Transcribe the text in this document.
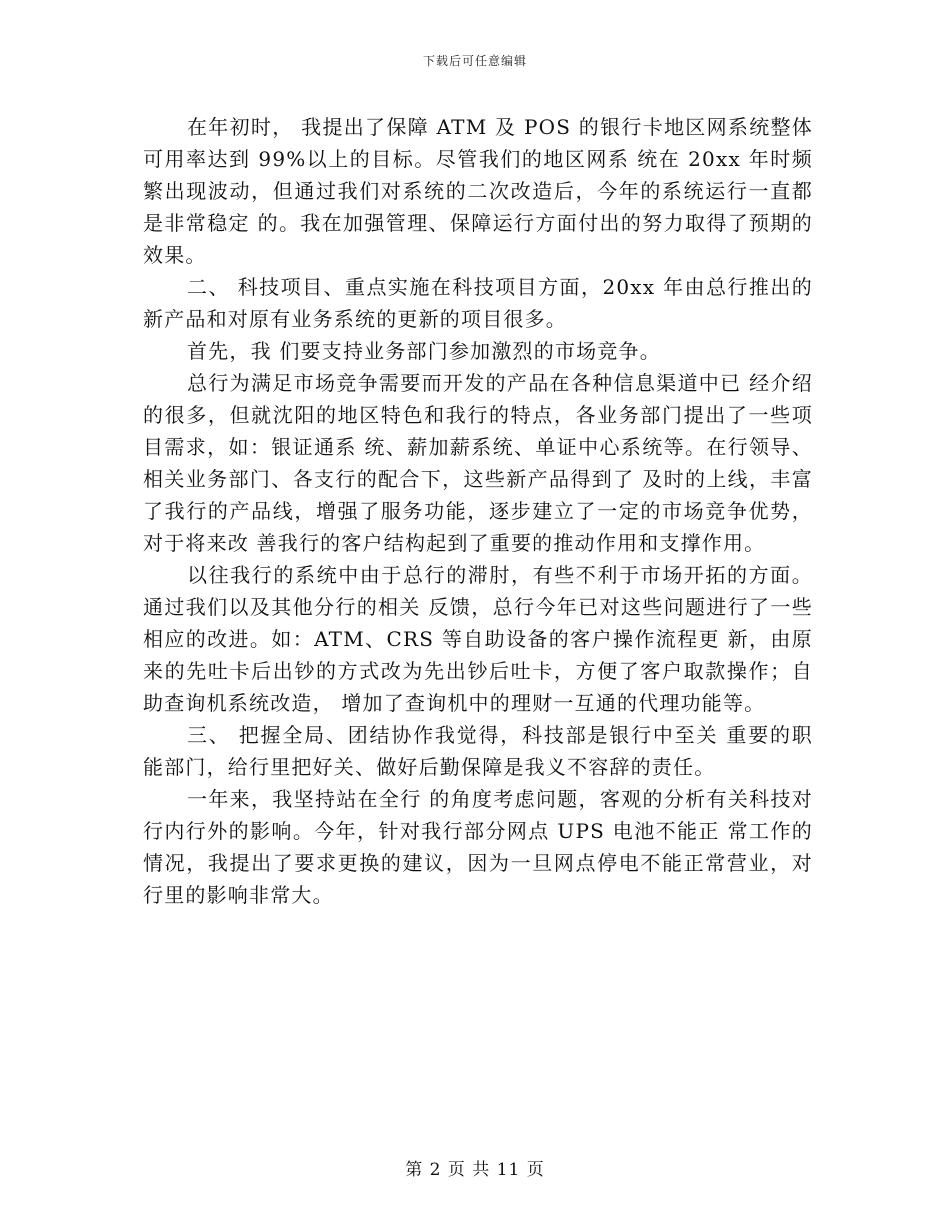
下载后可任意编辑

在年初时， 我提出了保障 ATM 及 POS 的银行卡地区网系统整体可用率达到 99%以上的目标。尽管我们的地区网系 统在 20xx 年时频繁出现波动，但通过我们对系统的二次改造后，今年的系统运行一直都是非常稳定 的。我在加强管理、保障运行方面付出的努力取得了预期的效果。

二、 科技项目、重点实施在科技项目方面，20xx 年由总行推出的新产品和对原有业务系统的更新的项目很多。

首先，我 们要支持业务部门参加激烈的市场竞争。

总行为满足市场竞争需要而开发的产品在各种信息渠道中已 经介绍的很多，但就沈阳的地区特色和我行的特点，各业务部门提出了一些项目需求，如：银证通系 统、薪加薪系统、单证中心系统等。在行领导、相关业务部门、各支行的配合下，这些新产品得到了 及时的上线，丰富了我行的产品线，增强了服务功能，逐步建立了一定的市场竞争优势，对于将来改 善我行的客户结构起到了重要的推动作用和支撑作用。

以往我行的系统中由于总行的滞肘，有些不利于市场开拓的方面。通过我们以及其他分行的相关 反馈，总行今年已对这些问题进行了一些相应的改进。如：ATM、CRS 等自助设备的客户操作流程更 新，由原来的先吐卡后出钞的方式改为先出钞后吐卡，方便了客户取款操作；自助查询机系统改造， 增加了查询机中的理财一互通的代理功能等。

三、 把握全局、团结协作我觉得，科技部是银行中至关 重要的职能部门，给行里把好关、做好后勤保障是我义不容辞的责任。

一年来，我坚持站在全行 的角度考虑问题，客观的分析有关科技对行内行外的影响。今年，针对我行部分网点 UPS 电池不能正 常工作的情况，我提出了要求更换的建议，因为一旦网点停电不能正常营业，对行里的影响非常大。

第 2 页 共 11 页
